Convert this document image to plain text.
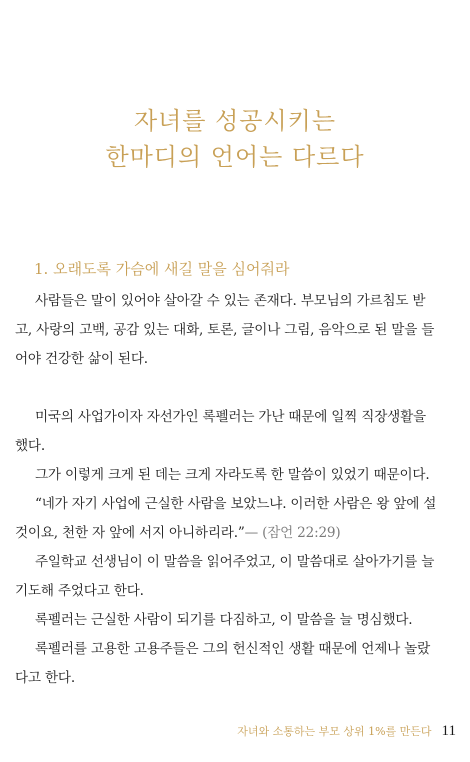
자녀를 성공시키는
한마디의 언어는 다르다
1. 오래도록 가슴에 새길 말을 심어줘라

사람들은 말이 있어야 살아갈 수 있는 존재다. 부모님의 가르침도 받
고, 사랑의 고백, 공감 있는 대화, 토론, 글이나 그림, 음악으로 된 말을 들
어야 건강한 삶이 된다.

미국의 사업가이자 자선가인 록펠러는 가난 때문에 일찍 직장생활을
했다.

그가 이렇게 크게 된 데는 크게 자라도록 한 말씀이 있었기 때문이다.

“네가 자기 사업에 근실한 사람을 보았느냐. 이러한 사람은 왕 앞에 설
것이요, 천한 자 앞에 서지 아니하리라.”— (잠언 22:29)

주일학교 선생님이 이 말씀을 읽어주었고, 이 말씀대로 살아가기를 늘
기도해 주었다고 한다.

록펠러는 근실한 사람이 되기를 다짐하고, 이 말씀을 늘 명심했다.

록펠러를 고용한 고용주들은 그의 헌신적인 생활 때문에 언제나 놀랐
다고 한다.

자녀와 소통하는 부모 상위 1%를 만든다 11
